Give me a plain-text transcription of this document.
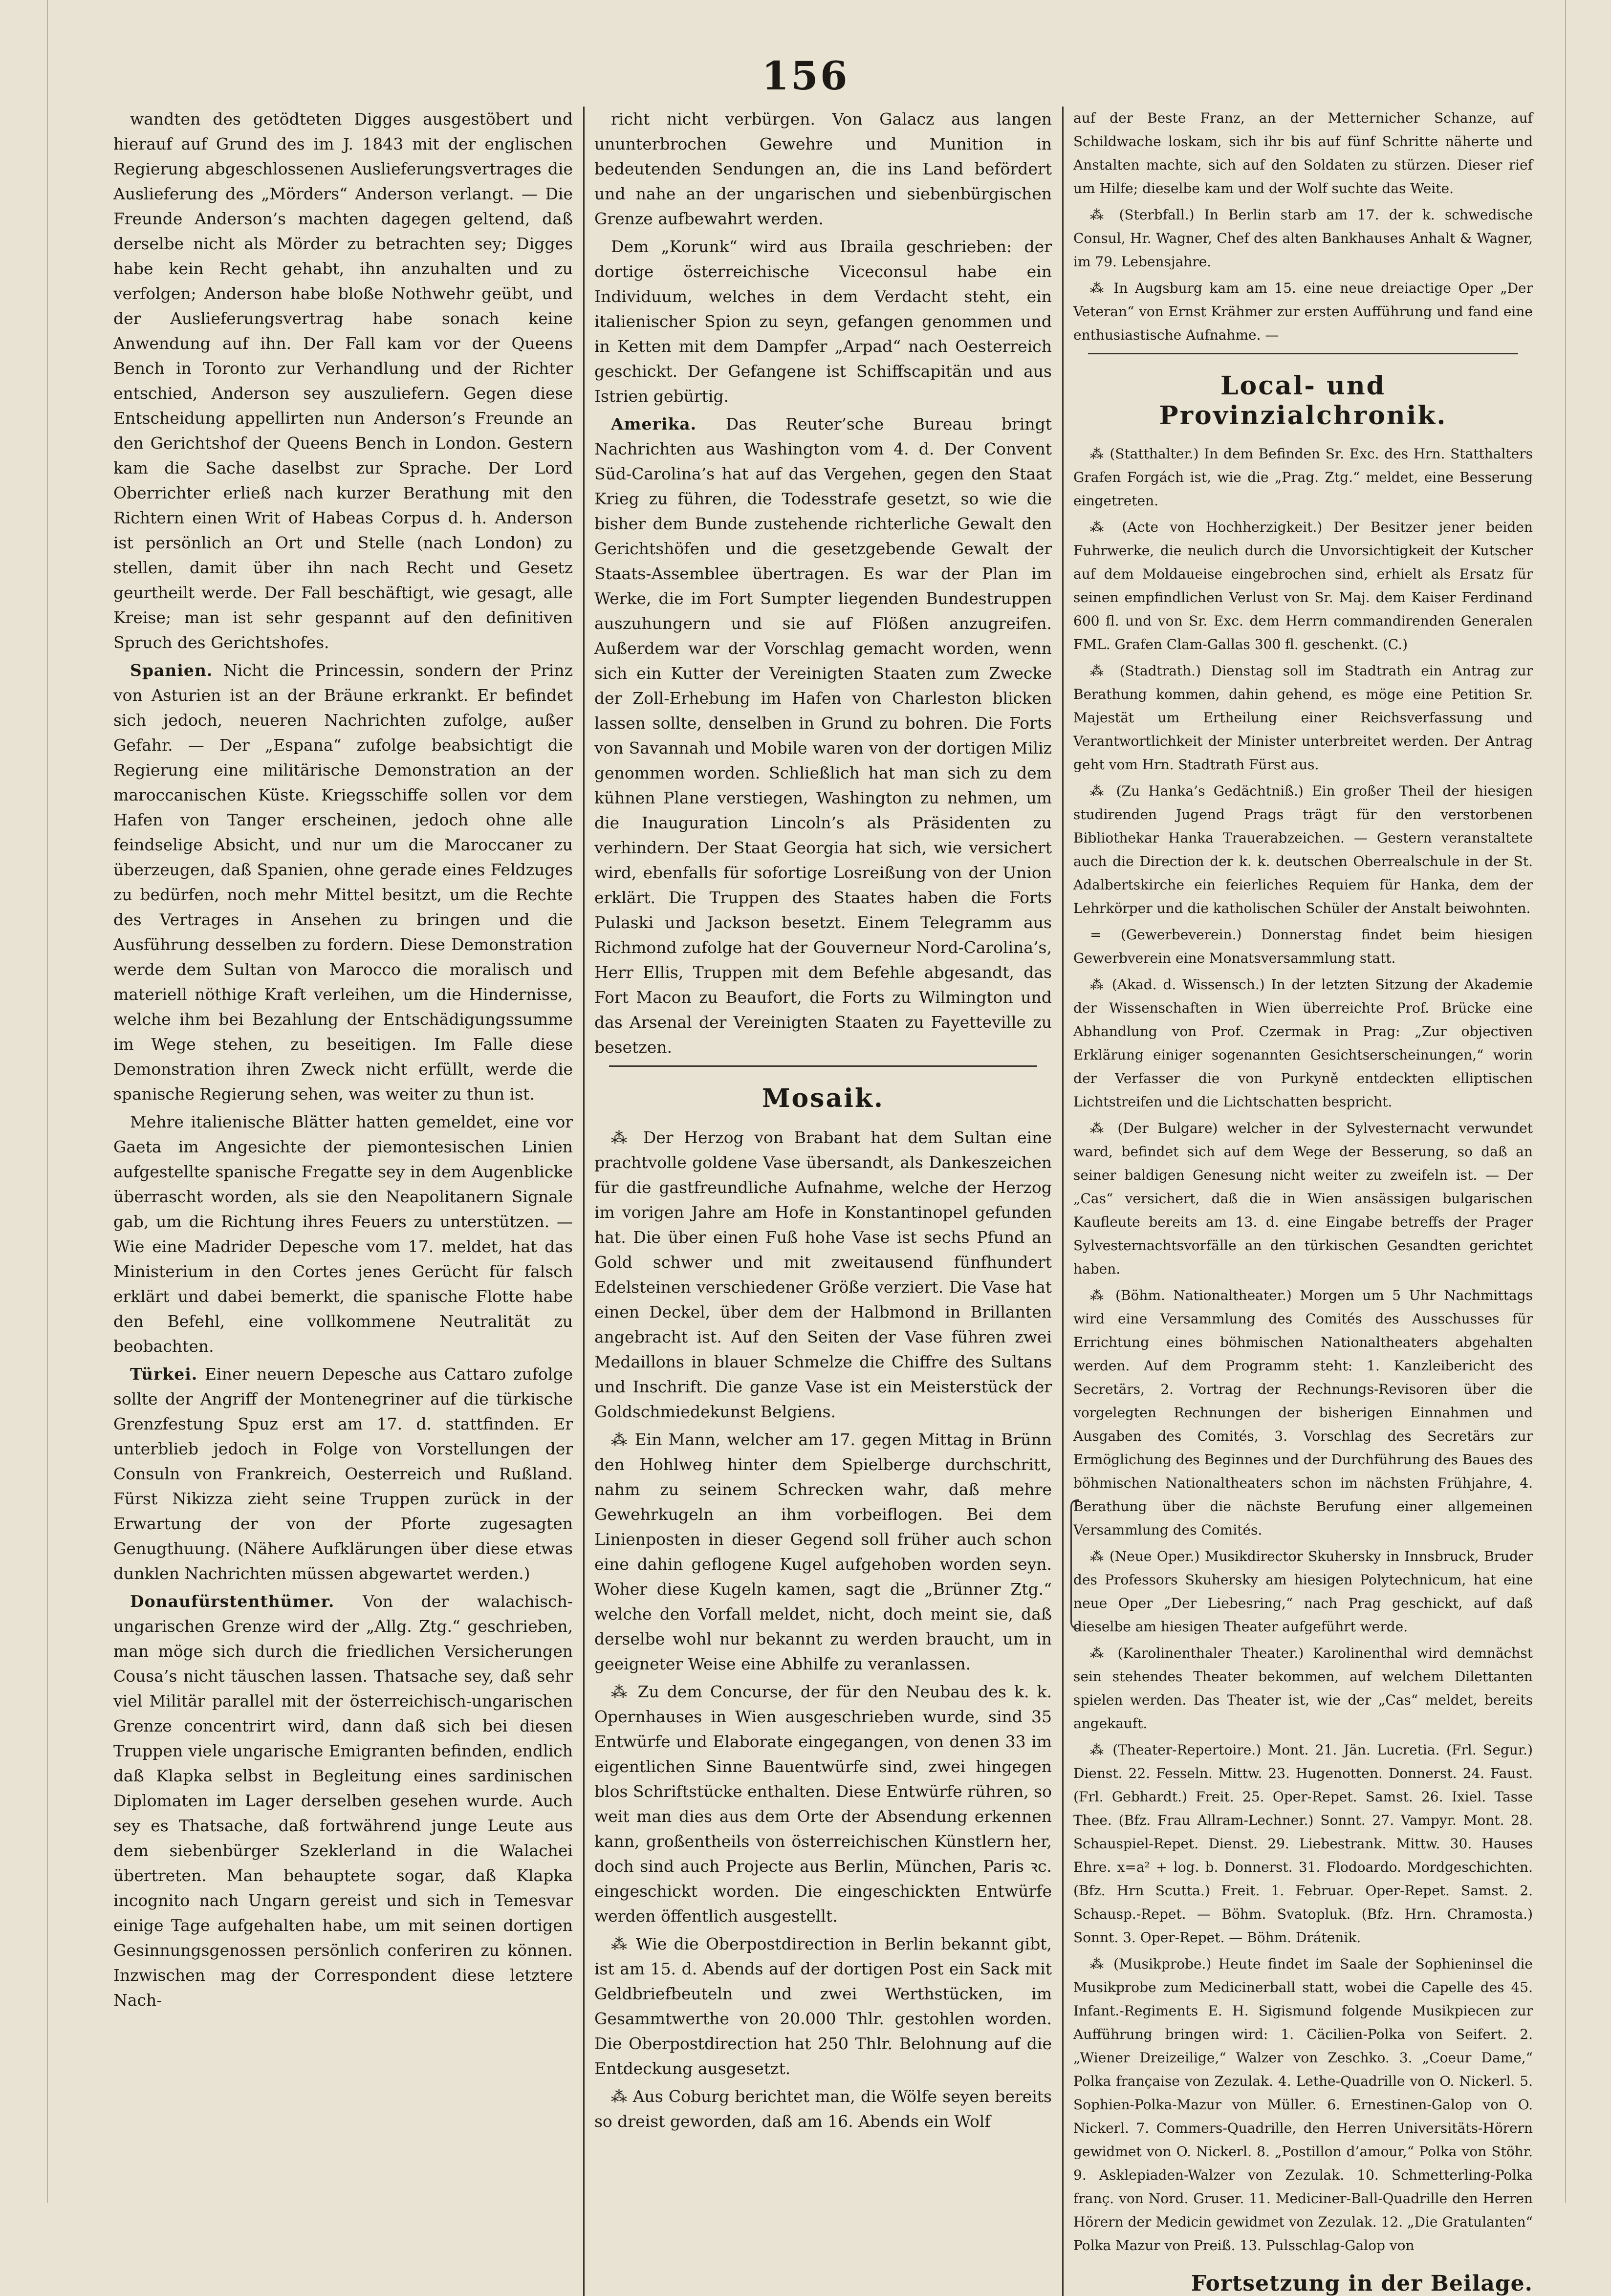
156

wandten des getödteten Digges ausgestöbert und hierauf auf Grund des im J. 1843 mit der englischen Regierung abgeschlossenen Auslieferungsvertrages die Auslieferung des „Mörders“ Anderson verlangt. — Die Freunde Anderson’s machten dagegen geltend, daß derselbe nicht als Mörder zu betrachten sey; Digges habe kein Recht gehabt, ihn anzuhalten und zu verfolgen; Anderson habe bloße Nothwehr geübt, und der Auslieferungsvertrag habe sonach keine Anwendung auf ihn. Der Fall kam vor der Queens Bench in Toronto zur Verhandlung und der Richter entschied, Anderson sey auszuliefern. Gegen diese Entscheidung appellirten nun Anderson’s Freunde an den Gerichtshof der Queens Bench in London. Gestern kam die Sache daselbst zur Sprache. Der Lord Oberrichter erließ nach kurzer Berathung mit den Richtern einen Writ of Habeas Corpus d. h. Anderson ist persönlich an Ort und Stelle (nach London) zu stellen, damit über ihn nach Recht und Gesetz geurtheilt werde. Der Fall beschäftigt, wie gesagt, alle Kreise; man ist sehr gespannt auf den definitiven Spruch des Gerichtshofes.

Spanien. Nicht die Princessin, sondern der Prinz von Asturien ist an der Bräune erkrankt. Er befindet sich jedoch, neueren Nachrichten zufolge, außer Gefahr. — Der „Espana“ zufolge beabsichtigt die Regierung eine militärische Demonstration an der maroccanischen Küste. Kriegsschiffe sollen vor dem Hafen von Tanger erscheinen, jedoch ohne alle feindselige Absicht, und nur um die Maroccaner zu überzeugen, daß Spanien, ohne gerade eines Feldzuges zu bedürfen, noch mehr Mittel besitzt, um die Rechte des Vertrages in Ansehen zu bringen und die Ausführung desselben zu fordern. Diese Demonstration werde dem Sultan von Marocco die moralisch und materiell nöthige Kraft verleihen, um die Hindernisse, welche ihm bei Bezahlung der Entschädigungssumme im Wege stehen, zu beseitigen. Im Falle diese Demonstration ihren Zweck nicht erfüllt, werde die spanische Regierung sehen, was weiter zu thun ist.

Mehre italienische Blätter hatten gemeldet, eine vor Gaeta im Angesichte der piemontesischen Linien aufgestellte spanische Fregatte sey in dem Augenblicke überrascht worden, als sie den Neapolitanern Signale gab, um die Richtung ihres Feuers zu unterstützen. — Wie eine Madrider Depesche vom 17. meldet, hat das Ministerium in den Cortes jenes Gerücht für falsch erklärt und dabei bemerkt, die spanische Flotte habe den Befehl, eine vollkommene Neutralität zu beobachten.

Türkei. Einer neuern Depesche aus Cattaro zufolge sollte der Angriff der Montenegriner auf die türkische Grenzfestung Spuz erst am 17. d. stattfinden. Er unterblieb jedoch in Folge von Vorstellungen der Consuln von Frankreich, Oesterreich und Rußland. Fürst Nikizza zieht seine Truppen zurück in der Erwartung der von der Pforte zugesagten Genugthuung. (Nähere Aufklärungen über diese etwas dunklen Nachrichten müssen abgewartet werden.)

Donaufürstenthümer. Von der walachisch-ungarischen Grenze wird der „Allg. Ztg.“ geschrieben, man möge sich durch die friedlichen Versicherungen Cousa’s nicht täuschen lassen. Thatsache sey, daß sehr viel Militär parallel mit der österreichisch-ungarischen Grenze concentrirt wird, dann daß sich bei diesen Truppen viele ungarische Emigranten befinden, endlich daß Klapka selbst in Begleitung eines sardinischen Diplomaten im Lager derselben gesehen wurde. Auch sey es Thatsache, daß fortwährend junge Leute aus dem siebenbürger Szeklerland in die Walachei übertreten. Man behauptete sogar, daß Klapka incognito nach Ungarn gereist und sich in Temesvar einige Tage aufgehalten habe, um mit seinen dortigen Gesinnungsgenossen persönlich conferiren zu können. Inzwischen mag der Correspondent diese letztere Nach-

richt nicht verbürgen. Von Galacz aus langen ununterbrochen Gewehre und Munition in bedeutenden Sendungen an, die ins Land befördert und nahe an der ungarischen und siebenbürgischen Grenze aufbewahrt werden.

Dem „Korunk“ wird aus Ibraila geschrieben: der dortige österreichische Viceconsul habe ein Individuum, welches in dem Verdacht steht, ein italienischer Spion zu seyn, gefangen genommen und in Ketten mit dem Dampfer „Arpad“ nach Oesterreich geschickt. Der Gefangene ist Schiffscapitän und aus Istrien gebürtig.

Amerika. Das Reuter’sche Bureau bringt Nachrichten aus Washington vom 4. d. Der Convent Süd-Carolina’s hat auf das Vergehen, gegen den Staat Krieg zu führen, die Todesstrafe gesetzt, so wie die bisher dem Bunde zustehende richterliche Gewalt den Gerichtshöfen und die gesetzgebende Gewalt der Staats-Assemblee übertragen. Es war der Plan im Werke, die im Fort Sumpter liegenden Bundestruppen auszuhungern und sie auf Flößen anzugreifen. Außerdem war der Vorschlag gemacht worden, wenn sich ein Kutter der Vereinigten Staaten zum Zwecke der Zoll-Erhebung im Hafen von Charleston blicken lassen sollte, denselben in Grund zu bohren. Die Forts von Savannah und Mobile waren von der dortigen Miliz genommen worden. Schließlich hat man sich zu dem kühnen Plane verstiegen, Washington zu nehmen, um die Inauguration Lincoln’s als Präsidenten zu verhindern. Der Staat Georgia hat sich, wie versichert wird, ebenfalls für sofortige Losreißung von der Union erklärt. Die Truppen des Staates haben die Forts Pulaski und Jackson besetzt. Einem Telegramm aus Richmond zufolge hat der Gouverneur Nord-Carolina’s, Herr Ellis, Truppen mit dem Befehle abgesandt, das Fort Macon zu Beaufort, die Forts zu Wilmington und das Arsenal der Vereinigten Staaten zu Fayetteville zu besetzen.

Mosaik.

⁂ Der Herzog von Brabant hat dem Sultan eine prachtvolle goldene Vase übersandt, als Dankeszeichen für die gastfreundliche Aufnahme, welche der Herzog im vorigen Jahre am Hofe in Konstantinopel gefunden hat. Die über einen Fuß hohe Vase ist sechs Pfund an Gold schwer und mit zweitausend fünfhundert Edelsteinen verschiedener Größe verziert. Die Vase hat einen Deckel, über dem der Halbmond in Brillanten angebracht ist. Auf den Seiten der Vase führen zwei Medaillons in blauer Schmelze die Chiffre des Sultans und Inschrift. Die ganze Vase ist ein Meisterstück der Goldschmiedekunst Belgiens.

⁂ Ein Mann, welcher am 17. gegen Mittag in Brünn den Hohlweg hinter dem Spielberge durchschritt, nahm zu seinem Schrecken wahr, daß mehre Gewehrkugeln an ihm vorbeiflogen. Bei dem Linienposten in dieser Gegend soll früher auch schon eine dahin geflogene Kugel aufgehoben worden seyn. Woher diese Kugeln kamen, sagt die „Brünner Ztg.“ welche den Vorfall meldet, nicht, doch meint sie, daß derselbe wohl nur bekannt zu werden braucht, um in geeigneter Weise eine Abhilfe zu veranlassen.

⁂ Zu dem Concurse, der für den Neubau des k. k. Opernhauses in Wien ausgeschrieben wurde, sind 35 Entwürfe und Elaborate eingegangen, von denen 33 im eigentlichen Sinne Bauentwürfe sind, zwei hingegen blos Schriftstücke enthalten. Diese Entwürfe rühren, so weit man dies aus dem Orte der Absendung erkennen kann, großentheils von österreichischen Künstlern her, doch sind auch Projecte aus Berlin, München, Paris ꝛc. eingeschickt worden. Die eingeschickten Entwürfe werden öffentlich ausgestellt.

⁂ Wie die Oberpostdirection in Berlin bekannt gibt, ist am 15. d. Abends auf der dortigen Post ein Sack mit Geldbriefbeuteln und zwei Werthstücken, im Gesammtwerthe von 20.000 Thlr. gestohlen worden. Die Oberpostdirection hat 250 Thlr. Belohnung auf die Entdeckung ausgesetzt.

⁂ Aus Coburg berichtet man, die Wölfe seyen bereits so dreist geworden, daß am 16. Abends ein Wolf

auf der Beste Franz, an der Metternicher Schanze, auf Schildwache loskam, sich ihr bis auf fünf Schritte näherte und Anstalten machte, sich auf den Soldaten zu stürzen. Dieser rief um Hilfe; dieselbe kam und der Wolf suchte das Weite.

⁂ (Sterbfall.) In Berlin starb am 17. der k. schwedische Consul, Hr. Wagner, Chef des alten Bankhauses Anhalt & Wagner, im 79. Lebensjahre.

⁂ In Augsburg kam am 15. eine neue dreiactige Oper „Der Veteran“ von Ernst Krähmer zur ersten Aufführung und fand eine enthusiastische Aufnahme. —

Local- und Provinzialchronik.

⁂ (Statthalter.) In dem Befinden Sr. Exc. des Hrn. Statthalters Grafen Forgách ist, wie die „Prag. Ztg.“ meldet, eine Besserung eingetreten.

⁂ (Acte von Hochherzigkeit.) Der Besitzer jener beiden Fuhrwerke, die neulich durch die Unvorsichtigkeit der Kutscher auf dem Moldaueise eingebrochen sind, erhielt als Ersatz für seinen empfindlichen Verlust von Sr. Maj. dem Kaiser Ferdinand 600 fl. und von Sr. Exc. dem Herrn commandirenden Generalen FML. Grafen Clam-Gallas 300 fl. geschenkt. (C.)

⁂ (Stadtrath.) Dienstag soll im Stadtrath ein Antrag zur Berathung kommen, dahin gehend, es möge eine Petition Sr. Majestät um Ertheilung einer Reichsverfassung und Verantwortlichkeit der Minister unterbreitet werden. Der Antrag geht vom Hrn. Stadtrath Fürst aus.

⁂ (Zu Hanka’s Gedächtniß.) Ein großer Theil der hiesigen studirenden Jugend Prags trägt für den verstorbenen Bibliothekar Hanka Trauerabzeichen. — Gestern veranstaltete auch die Direction der k. k. deutschen Oberrealschule in der St. Adalbertskirche ein feierliches Requiem für Hanka, dem der Lehrkörper und die katholischen Schüler der Anstalt beiwohnten.

= (Gewerbeverein.) Donnerstag findet beim hiesigen Gewerbverein eine Monatsversammlung statt.

⁂ (Akad. d. Wissensch.) In der letzten Sitzung der Akademie der Wissenschaften in Wien überreichte Prof. Brücke eine Abhandlung von Prof. Czermak in Prag: „Zur objectiven Erklärung einiger sogenannten Gesichtserscheinungen,“ worin der Verfasser die von Purkyně entdeckten elliptischen Lichtstreifen und die Lichtschatten bespricht.

⁂ (Der Bulgare) welcher in der Sylvesternacht verwundet ward, befindet sich auf dem Wege der Besserung, so daß an seiner baldigen Genesung nicht weiter zu zweifeln ist. — Der „Cas“ versichert, daß die in Wien ansässigen bulgarischen Kaufleute bereits am 13. d. eine Eingabe betreffs der Prager Sylvesternachtsvorfälle an den türkischen Gesandten gerichtet haben.

⁂ (Böhm. Nationaltheater.) Morgen um 5 Uhr Nachmittags wird eine Versammlung des Comités des Ausschusses für Errichtung eines böhmischen Nationaltheaters abgehalten werden. Auf dem Programm steht: 1. Kanzleibericht des Secretärs, 2. Vortrag der Rechnungs-Revisoren über die vorgelegten Rechnungen der bisherigen Einnahmen und Ausgaben des Comités, 3. Vorschlag des Secretärs zur Ermöglichung des Beginnes und der Durchführung des Baues des böhmischen Nationaltheaters schon im nächsten Frühjahre, 4. Berathung über die nächste Berufung einer allgemeinen Versammlung des Comités.

⁂ (Neue Oper.) Musikdirector Skuhersky in Innsbruck, Bruder des Professors Skuhersky am hiesigen Polytechnicum, hat eine neue Oper „Der Liebesring,“ nach Prag geschickt, auf daß dieselbe am hiesigen Theater aufgeführt werde.

⁂ (Karolinenthaler Theater.) Karolinenthal wird demnächst sein stehendes Theater bekommen, auf welchem Dilettanten spielen werden. Das Theater ist, wie der „Cas“ meldet, bereits angekauft.

⁂ (Theater-Repertoire.) Mont. 21. Jän. Lucretia. (Frl. Segur.) Dienst. 22. Fesseln. Mittw. 23. Hugenotten. Donnerst. 24. Faust. (Frl. Gebhardt.) Freit. 25. Oper-Repet. Samst. 26. Ixiel. Tasse Thee. (Bfz. Frau Allram-Lechner.) Sonnt. 27. Vampyr. Mont. 28. Schauspiel-Repet. Dienst. 29. Liebestrank. Mittw. 30. Hauses Ehre. x=a² + log. b. Donnerst. 31. Flodoardo. Mordgeschichten. (Bfz. Hrn Scutta.) Freit. 1. Februar. Oper-Repet. Samst. 2. Schausp.-Repet. — Böhm. Svatopluk. (Bfz. Hrn. Chramosta.) Sonnt. 3. Oper-Repet. — Böhm. Drátenik.

⁂ (Musikprobe.) Heute findet im Saale der Sophieninsel die Musikprobe zum Medicinerball statt, wobei die Capelle des 45. Infant.-Regiments E. H. Sigismund folgende Musikpiecen zur Aufführung bringen wird: 1. Cäcilien-Polka von Seifert. 2. „Wiener Dreizeilige,“ Walzer von Zeschko. 3. „Coeur Dame,“ Polka française von Zezulak. 4. Lethe-Quadrille von O. Nickerl. 5. Sophien-Polka-Mazur von Müller. 6. Ernestinen-Galop von O. Nickerl. 7. Commers-Quadrille, den Herren Universitäts-Hörern gewidmet von O. Nickerl. 8. „Postillon d’amour,“ Polka von Stöhr. 9. Asklepiaden-Walzer von Zezulak. 10. Schmetterling-Polka franç. von Nord. Gruser. 11. Mediciner-Ball-Quadrille den Herren Hörern der Medicin gewidmet von Zezulak. 12. „Die Gratulanten“ Polka Mazur von Preiß. 13. Pulsschlag-Galop von

Fortsetzung in der Beilage.
